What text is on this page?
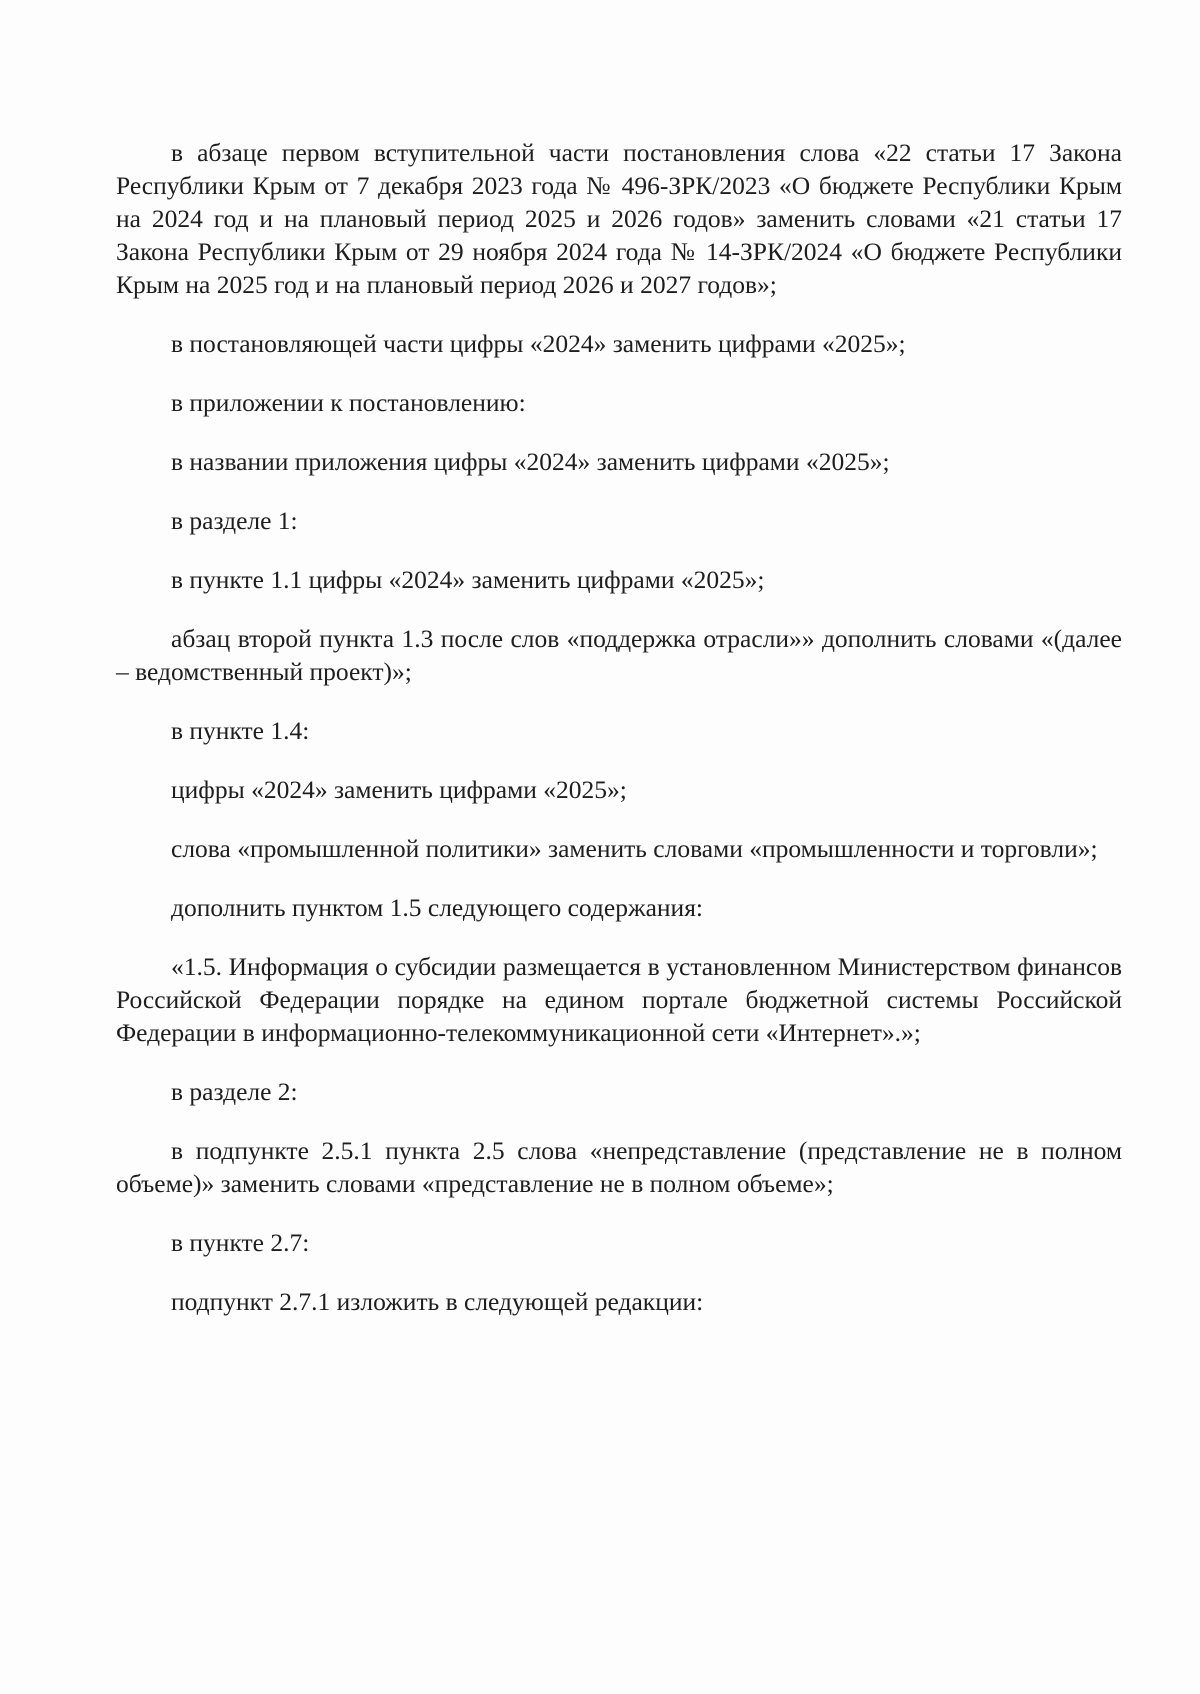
в абзаце первом вступительной части постановления слова «22 статьи 17 Закона Республики Крым от 7 декабря 2023 года № 496-ЗРК/2023 «О бюджете Республики Крым на 2024 год и на плановый период 2025 и 2026 годов» заменить словами «21 статьи 17 Закона Республики Крым от 29 ноября 2024 года № 14-ЗРК/2024 «О бюджете Республики Крым на 2025 год и на плановый период 2026 и 2027 годов»;

в постановляющей части цифры «2024» заменить цифрами «2025»;

в приложении к постановлению:

в названии приложения цифры «2024» заменить цифрами «2025»;

в разделе 1:

в пункте 1.1 цифры «2024» заменить цифрами «2025»;

абзац второй пункта 1.3 после слов «поддержка отрасли»» дополнить словами «(далее – ведомственный проект)»;

в пункте 1.4:

цифры «2024» заменить цифрами «2025»;

слова «промышленной политики» заменить словами «промышленности и торговли»;

дополнить пунктом 1.5 следующего содержания:

«1.5. Информация о субсидии размещается в установленном Министерством финансов Российской Федерации порядке на едином портале бюджетной системы Российской Федерации в информационно-телекоммуникационной сети «Интернет».»;

в разделе 2:

в подпункте 2.5.1 пункта 2.5 слова «непредставление (представление не в полном объеме)» заменить словами «представление не в полном объеме»;

в пункте 2.7:

подпункт 2.7.1 изложить в следующей редакции:
